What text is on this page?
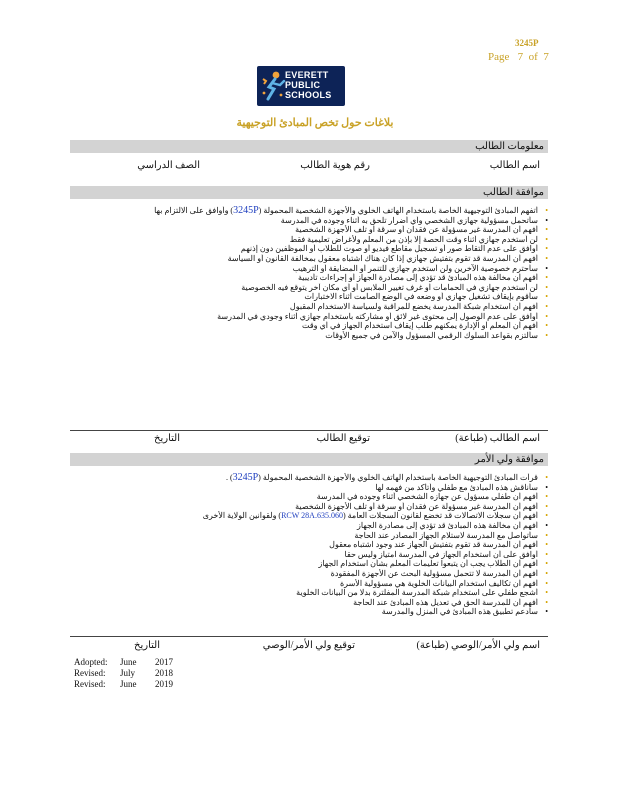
3245P
Page 7 of 7
EVERETT
PUBLIC
SCHOOLS
ﺑﻼﻏﺎﺕ ﺣﻮﻝ ﺗﺨﺺ ﺍﻟﻤﺒﺎﺩﺉ ﺍﻟﺘﻮﺟﻴﻬﻴﺔ
ﻣﻌﻠﻮﻣﺎﺕ ﺍﻟﻄﺎﻟﺐ
ﺍﺳﻢ ﺍﻟﻄﺎﻟﺐ
ﺭﻗﻢ ﻫﻮﻳﺔ ﺍﻟﻄﺎﻟﺐ
ﺍﻟﺼﻒ ﺍﻟﺪﺭﺍﺳﻲ
ﻣﻮﺍﻓﻘﺔ ﺍﻟﻄﺎﻟﺐ
• ﺃﺗﻔﻬﻢ ﺍﻟﻤﺒﺎﺩﺉ ﺍﻟﺘﻮﺟﻴﻬﻴﺔ ﺍﻟﺨﺎﺻﺔ ﺑﺎﺳﺘﺨﺪﺍﻡ ﺍﻟﻬﺎﺗﻒ ﺍﻟﺨﻠﻮﻱ ﻭﺍﻷﺟﻬﺰﺓ ﺍﻟﺸﺨﺼﻴﺔ ﺍﻟﻤﺤﻤﻮﻟﺔ (3245P) ﻭﺃﻭﺍﻓﻖ ﻋﻠﻰ ﺍﻻﻟﺘﺰﺍﻡ ﺑﻬﺎ
• ﺳﺄﺗﺤﻤﻞ ﻣﺴﺆﻭﻟﻴﺔ ﺟﻬﺎﺯﻱ ﺍﻟﺸﺨﺼﻲ ﻭﺃﻱ ﺃﺿﺮﺍﺭ ﺗﻠﺤﻖ ﺑﻪ ﺃﺛﻨﺎﺀ ﻭﺟﻮﺩﻩ ﻓﻲ ﺍﻟﻤﺪﺭﺳﺔ
• ﺃﻓﻬﻢ ﺃﻥ ﺍﻟﻤﺪﺭﺳﺔ ﻏﻴﺮ ﻣﺴﺆﻭﻟﺔ ﻋﻦ ﻓﻘﺪﺍﻥ ﺃﻭ ﺳﺮﻗﺔ ﺃﻭ ﺗﻠﻒ ﺍﻷﺟﻬﺰﺓ ﺍﻟﺸﺨﺼﻴﺔ
• ﻟﻦ ﺃﺳﺘﺨﺪﻡ ﺟﻬﺎﺯﻱ ﺃﺛﻨﺎﺀ ﻭﻗﺖ ﺍﻟﺤﺼﺔ ﺇﻻ ﺑﺈﺫﻥ ﻣﻦ ﺍﻟﻤﻌﻠﻢ ﻭﻷﻏﺮﺍﺽ ﺗﻌﻠﻴﻤﻴﺔ ﻓﻘﻂ
• ﺃﻭﺍﻓﻖ ﻋﻠﻰ ﻋﺪﻡ ﺍﻟﺘﻘﺎﻁ ﺻﻮﺭ ﺃﻭ ﺗﺴﺠﻴﻞ ﻣﻘﺎﻃﻊ ﻓﻴﺪﻳﻮ ﺃﻭ ﺻﻮﺕ ﻟﻠﻄﻼﺏ ﺃﻭ ﺍﻟﻤﻮﻇﻔﻴﻦ ﺩﻭﻥ ﺇﺫﻧﻬﻢ
• ﺃﻓﻬﻢ ﺃﻥ ﺍﻟﻤﺪﺭﺳﺔ ﻗﺪ ﺗﻘﻮﻡ ﺑﺘﻔﺘﻴﺶ ﺟﻬﺎﺯﻱ ﺇﺫﺍ ﻛﺎﻥ ﻫﻨﺎﻙ ﺍﺷﺘﺒﺎﻩ ﻣﻌﻘﻮﻝ ﺑﻤﺨﺎﻟﻔﺔ ﺍﻟﻘﺎﻧﻮﻥ ﺃﻭ ﺍﻟﺴﻴﺎﺳﺔ
• ﺳﺄﺣﺘﺮﻡ ﺧﺼﻮﺻﻴﺔ ﺍﻵﺧﺮﻳﻦ ﻭﻟﻦ ﺃﺳﺘﺨﺪﻡ ﺟﻬﺎﺯﻱ ﻟﻠﺘﻨﻤﺮ ﺃﻭ ﺍﻟﻤﻀﺎﻳﻘﺔ ﺃﻭ ﺍﻟﺘﺮﻫﻴﺐ
• ﺃﻓﻬﻢ ﺃﻥ ﻣﺨﺎﻟﻔﺔ ﻫﺬﻩ ﺍﻟﻤﺒﺎﺩﺉ ﻗﺪ ﺗﺆﺩﻱ ﺇﻟﻰ ﻣﺼﺎﺩﺭﺓ ﺍﻟﺠﻬﺎﺯ ﺃﻭ ﺇﺟﺮﺍﺀﺍﺕ ﺗﺄﺩﻳﺒﻴﺔ
• ﻟﻦ ﺃﺳﺘﺨﺪﻡ ﺟﻬﺎﺯﻱ ﻓﻲ ﺍﻟﺤﻤﺎﻣﺎﺕ ﺃﻭ ﻏﺮﻑ ﺗﻐﻴﻴﺮ ﺍﻟﻤﻼﺑﺲ ﺃﻭ ﺃﻱ ﻣﻜﺎﻥ ﺁﺧﺮ ﻳﺘﻮﻗﻊ ﻓﻴﻪ ﺍﻟﺨﺼﻮﺻﻴﺔ
• ﺳﺄﻗﻮﻡ ﺑﺈﻳﻘﺎﻑ ﺗﺸﻐﻴﻞ ﺟﻬﺎﺯﻱ ﺃﻭ ﻭﺿﻌﻪ ﻓﻲ ﺍﻟﻮﺿﻊ ﺍﻟﺼﺎﻣﺖ ﺃﺛﻨﺎﺀ ﺍﻻﺧﺘﺒﺎﺭﺍﺕ
• ﺃﻓﻬﻢ ﺃﻥ ﺍﺳﺘﺨﺪﺍﻡ ﺷﺒﻜﺔ ﺍﻟﻤﺪﺭﺳﺔ ﻳﺨﻀﻊ ﻟﻠﻤﺮﺍﻗﺒﺔ ﻭﻟﺴﻴﺎﺳﺔ ﺍﻻﺳﺘﺨﺪﺍﻡ ﺍﻟﻤﻘﺒﻮﻝ
• ﺃﻭﺍﻓﻖ ﻋﻠﻰ ﻋﺪﻡ ﺍﻟﻮﺻﻮﻝ ﺇﻟﻰ ﻣﺤﺘﻮﻯ ﻏﻴﺮ ﻻﺋﻖ ﺃﻭ ﻣﺸﺎﺭﻛﺘﻪ ﺑﺎﺳﺘﺨﺪﺍﻡ ﺟﻬﺎﺯﻱ ﺃﺛﻨﺎﺀ ﻭﺟﻮﺩﻱ ﻓﻲ ﺍﻟﻤﺪﺭﺳﺔ
• ﺃﻓﻬﻢ ﺃﻥ ﺍﻟﻤﻌﻠﻢ ﺃﻭ ﺍﻹﺩﺍﺭﺓ ﻳﻤﻜﻨﻬﻢ ﻃﻠﺐ ﺇﻳﻘﺎﻑ ﺍﺳﺘﺨﺪﺍﻡ ﺍﻟﺠﻬﺎﺯ ﻓﻲ ﺃﻱ ﻭﻗﺖ
• ﺳﺄﻟﺘﺰﻡ ﺑﻘﻮﺍﻋﺪ ﺍﻟﺴﻠﻮﻙ ﺍﻟﺮﻗﻤﻲ ﺍﻟﻤﺴﺆﻭﻝ ﻭﺍﻵﻣﻦ ﻓﻲ ﺟﻤﻴﻊ ﺍﻷﻭﻗﺎﺕ
ﺍﺳﻢ ﺍﻟﻄﺎﻟﺐ (ﻃﺒﺎﻋﺔ)
ﺗﻮﻗﻴﻊ ﺍﻟﻄﺎﻟﺐ
ﺍﻟﺘﺎﺭﻳﺦ
ﻣﻮﺍﻓﻘﺔ ﻭﻟﻲ ﺍﻷﻣﺮ
• ﻗﺮﺃﺕ ﺍﻟﻤﺒﺎﺩﺉ ﺍﻟﺘﻮﺟﻴﻬﻴﺔ ﺍﻟﺨﺎﺻﺔ ﺑﺎﺳﺘﺨﺪﺍﻡ ﺍﻟﻬﺎﺗﻒ ﺍﻟﺨﻠﻮﻱ ﻭﺍﻷﺟﻬﺰﺓ ﺍﻟﺸﺨﺼﻴﺔ ﺍﻟﻤﺤﻤﻮﻟﺔ (3245P) .
• ﺳﺄﻧﺎﻗﺶ ﻫﺬﻩ ﺍﻟﻤﺒﺎﺩﺉ ﻣﻊ ﻃﻔﻠﻲ ﻭﺃﺗﺄﻛﺪ ﻣﻦ ﻓﻬﻤﻪ ﻟﻬﺎ
• ﺃﻓﻬﻢ ﺃﻥ ﻃﻔﻠﻲ ﻣﺴﺆﻭﻝ ﻋﻦ ﺟﻬﺎﺯﻩ ﺍﻟﺸﺨﺼﻲ ﺃﺛﻨﺎﺀ ﻭﺟﻮﺩﻩ ﻓﻲ ﺍﻟﻤﺪﺭﺳﺔ
• ﺃﻓﻬﻢ ﺃﻥ ﺍﻟﻤﺪﺭﺳﺔ ﻏﻴﺮ ﻣﺴﺆﻭﻟﺔ ﻋﻦ ﻓﻘﺪﺍﻥ ﺃﻭ ﺳﺮﻗﺔ ﺃﻭ ﺗﻠﻒ ﺍﻷﺟﻬﺰﺓ ﺍﻟﺸﺨﺼﻴﺔ
• ﺃﻓﻬﻢ ﺃﻥ ﺳﺠﻼﺕ ﺍﻻﺗﺼﺎﻻﺕ ﻗﺪ ﺗﺨﻀﻊ ﻟﻘﺎﻧﻮﻥ ﺍﻟﺴﺠﻼﺕ ﺍﻟﻌﺎﻣﺔ (RCW 28A.635.060) ﻭﻟﻘﻮﺍﻧﻴﻦ ﺍﻟﻮﻻﻳﺔ ﺍﻷﺧﺮﻯ
• ﺃﻓﻬﻢ ﺃﻥ ﻣﺨﺎﻟﻔﺔ ﻫﺬﻩ ﺍﻟﻤﺒﺎﺩﺉ ﻗﺪ ﺗﺆﺩﻱ ﺇﻟﻰ ﻣﺼﺎﺩﺭﺓ ﺍﻟﺠﻬﺎﺯ
• ﺳﺄﺗﻮﺍﺻﻞ ﻣﻊ ﺍﻟﻤﺪﺭﺳﺔ ﻻﺳﺘﻼﻡ ﺍﻟﺠﻬﺎﺯ ﺍﻟﻤﺼﺎﺩﺭ ﻋﻨﺪ ﺍﻟﺤﺎﺟﺔ
• ﺃﻓﻬﻢ ﺃﻥ ﺍﻟﻤﺪﺭﺳﺔ ﻗﺪ ﺗﻘﻮﻡ ﺑﺘﻔﺘﻴﺶ ﺍﻟﺠﻬﺎﺯ ﻋﻨﺪ ﻭﺟﻮﺩ ﺍﺷﺘﺒﺎﻩ ﻣﻌﻘﻮﻝ
• ﺃﻭﺍﻓﻖ ﻋﻠﻰ ﺃﻥ ﺍﺳﺘﺨﺪﺍﻡ ﺍﻟﺠﻬﺎﺯ ﻓﻲ ﺍﻟﻤﺪﺭﺳﺔ ﺍﻣﺘﻴﺎﺯ ﻭﻟﻴﺲ ﺣﻘﺎ
• ﺃﻓﻬﻢ ﺃﻥ ﺍﻟﻄﻼﺏ ﻳﺠﺐ ﺃﻥ ﻳﺘﺒﻌﻮﺍ ﺗﻌﻠﻴﻤﺎﺕ ﺍﻟﻤﻌﻠﻢ ﺑﺸﺄﻥ ﺍﺳﺘﺨﺪﺍﻡ ﺍﻟﺠﻬﺎﺯ
• ﺃﻓﻬﻢ ﺃﻥ ﺍﻟﻤﺪﺭﺳﺔ ﻻ ﺗﺘﺤﻤﻞ ﻣﺴﺆﻭﻟﻴﺔ ﺍﻟﺒﺤﺚ ﻋﻦ ﺍﻷﺟﻬﺰﺓ ﺍﻟﻤﻔﻘﻮﺩﺓ
• ﺃﻓﻬﻢ ﺃﻥ ﺗﻜﺎﻟﻴﻒ ﺍﺳﺘﺨﺪﺍﻡ ﺍﻟﺒﻴﺎﻧﺎﺕ ﺍﻟﺨﻠﻮﻳﺔ ﻫﻲ ﻣﺴﺆﻭﻟﻴﺔ ﺍﻷﺳﺮﺓ
• ﺃﺷﺠﻊ ﻃﻔﻠﻲ ﻋﻠﻰ ﺍﺳﺘﺨﺪﺍﻡ ﺷﺒﻜﺔ ﺍﻟﻤﺪﺭﺳﺔ ﺍﻟﻤﻔﻠﺘﺮﺓ ﺑﺪﻻ ﻣﻦ ﺍﻟﺒﻴﺎﻧﺎﺕ ﺍﻟﺨﻠﻮﻳﺔ
• ﺃﻓﻬﻢ ﺃﻥ ﻟﻠﻤﺪﺭﺳﺔ ﺍﻟﺤﻖ ﻓﻲ ﺗﻌﺪﻳﻞ ﻫﺬﻩ ﺍﻟﻤﺒﺎﺩﺉ ﻋﻨﺪ ﺍﻟﺤﺎﺟﺔ
• ﺳﺄﺩﻋﻢ ﺗﻄﺒﻴﻖ ﻫﺬﻩ ﺍﻟﻤﺒﺎﺩﺉ ﻓﻲ ﺍﻟﻤﻨﺰﻝ ﻭﺍﻟﻤﺪﺭﺳﺔ
ﺍﺳﻢ ﻭﻟﻲ ﺍﻷﻣﺮ/ﺍﻟﻮﺻﻲ (ﻃﺒﺎﻋﺔ)
ﺗﻮﻗﻴﻊ ﻭﻟﻲ ﺍﻷﻣﺮ/ﺍﻟﻮﺻﻲ
ﺍﻟﺘﺎﺭﻳﺦ
Adopted: June 2017
Revised: July 2018
Revised: June 2019
